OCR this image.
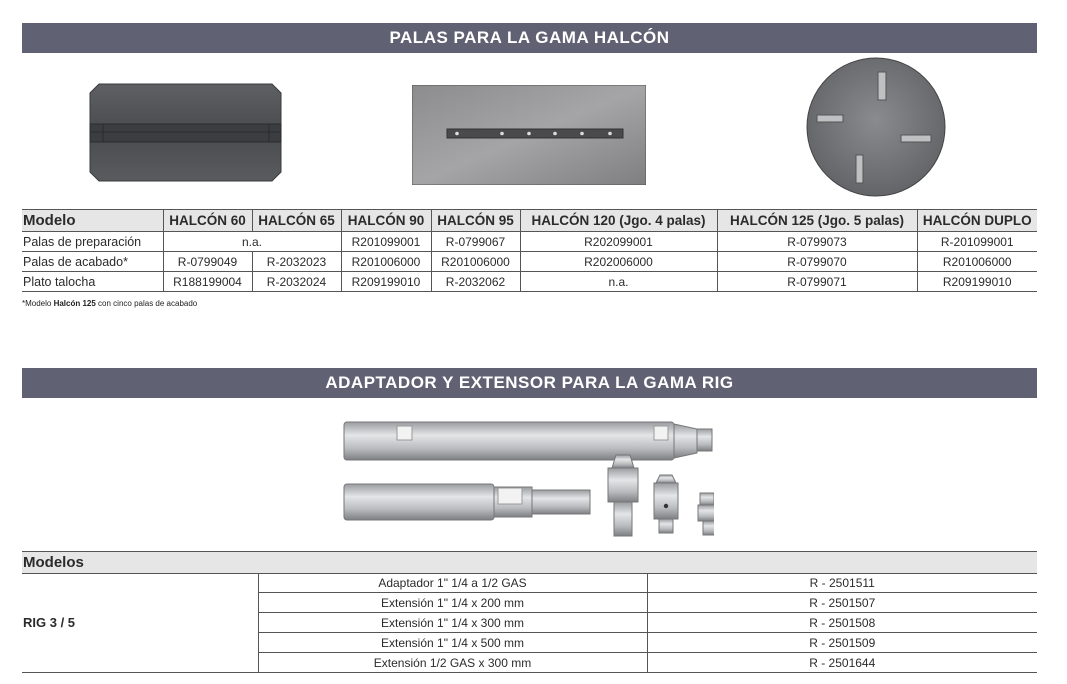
PALAS PARA LA GAMA HALCÓN
Modelo	HALCÓN 60	HALCÓN 65	HALCÓN 90	HALCÓN 95	HALCÓN 120 (Jgo. 4 palas)	HALCÓN 125 (Jgo. 5 palas)	HALCÓN DUPLO
Palas de preparación	n.a.		R201099001	R-0799067	R202099001	R-0799073	R-201099001
Palas de acabado*	R-0799049	R-2032023	R201006000	R201006000	R202006000	R-0799070	R201006000
Plato talocha	R188199004	R-2032024	R209199010	R-2032062	n.a.	R-0799071	R209199010
*Modelo Halcón 125 con cinco palas de acabado
ADAPTADOR Y EXTENSOR PARA LA GAMA RIG
Modelos
RIG 3 / 5	Adaptador 1" 1/4 a 1/2 GAS	R - 2501511
	Extensión 1" 1/4 x 200 mm	R - 2501507
	Extensión 1" 1/4 x 300 mm	R - 2501508
	Extensión 1" 1/4 x 500 mm	R - 2501509
	Extensión 1/2 GAS x 300 mm	R - 2501644
